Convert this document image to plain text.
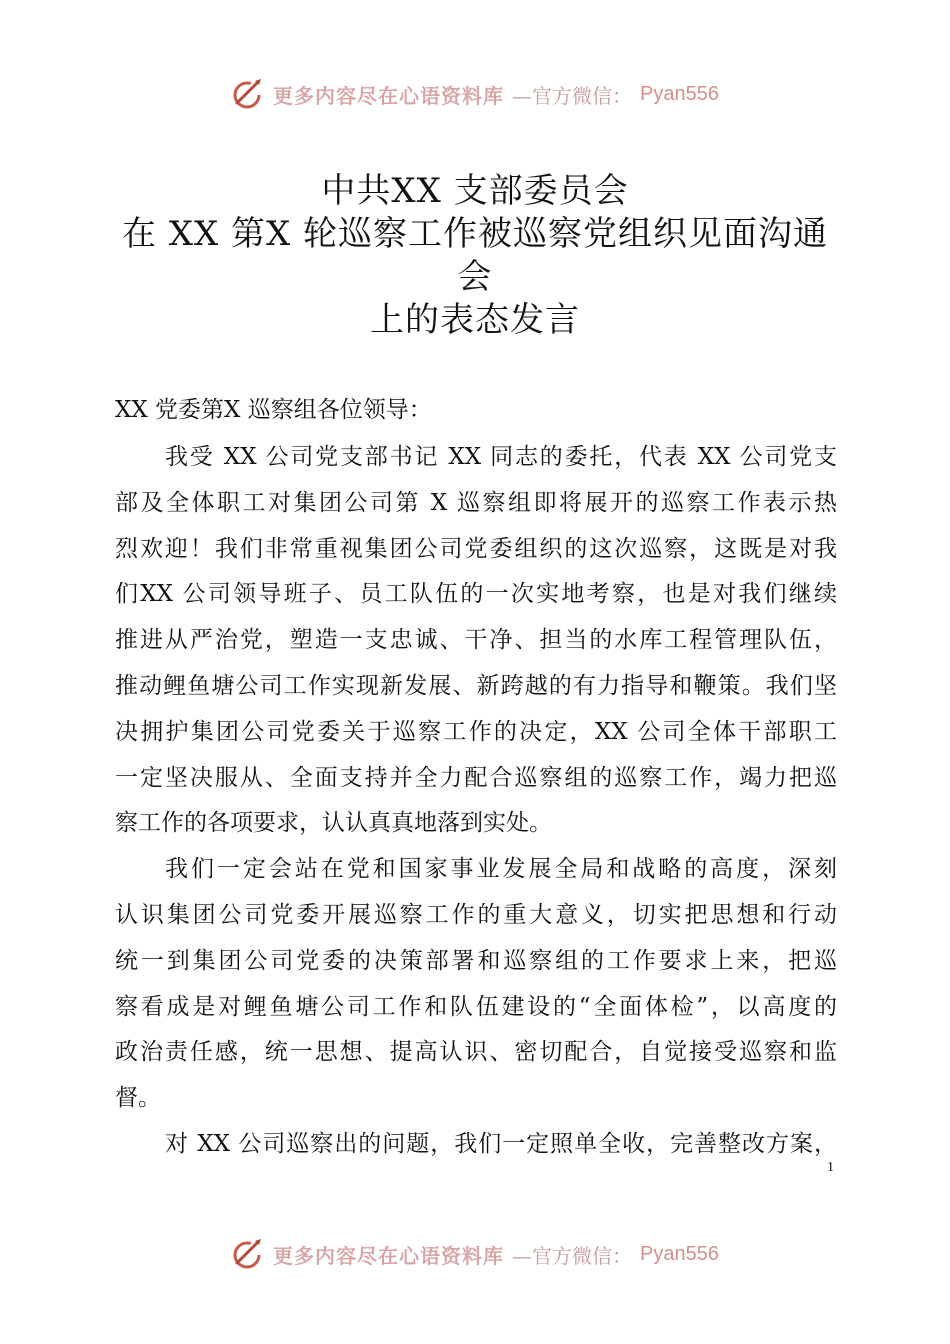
更多内容尽在心语资料库 —官方微信： Pyan556
中共XX 支部委员会
在 XX 第X 轮巡察工作被巡察党组织见面沟通
会
上的表态发言
XX 党委第X 巡察组各位领导：
我受 XX 公司党支部书记 XX 同志的委托，代表 XX 公司党支
部及全体职工对集团公司第 X 巡察组即将展开的巡察工作表示热
烈欢迎！我们非常重视集团公司党委组织的这次巡察，这既是对我
们XX 公司领导班子、员工队伍的一次实地考察，也是对我们继续
推进从严治党，塑造一支忠诚、干净、担当的水库工程管理队伍，
推动鲤鱼塘公司工作实现新发展、新跨越的有力指导和鞭策。我们坚
决拥护集团公司党委关于巡察工作的决定，XX 公司全体干部职工
一定坚决服从、全面支持并全力配合巡察组的巡察工作，竭力把巡
察工作的各项要求，认认真真地落到实处。
我们一定会站在党和国家事业发展全局和战略的高度，深刻
认识集团公司党委开展巡察工作的重大意义，切实把思想和行动
统一到集团公司党委的决策部署和巡察组的工作要求上来，把巡
察看成是对鲤鱼塘公司工作和队伍建设的“全面体检”，以高度的
政治责任感，统一思想、提高认识、密切配合，自觉接受巡察和监
督。
对 XX 公司巡察出的问题，我们一定照单全收，完善整改方案，
1
更多内容尽在心语资料库 —官方微信： Pyan556
